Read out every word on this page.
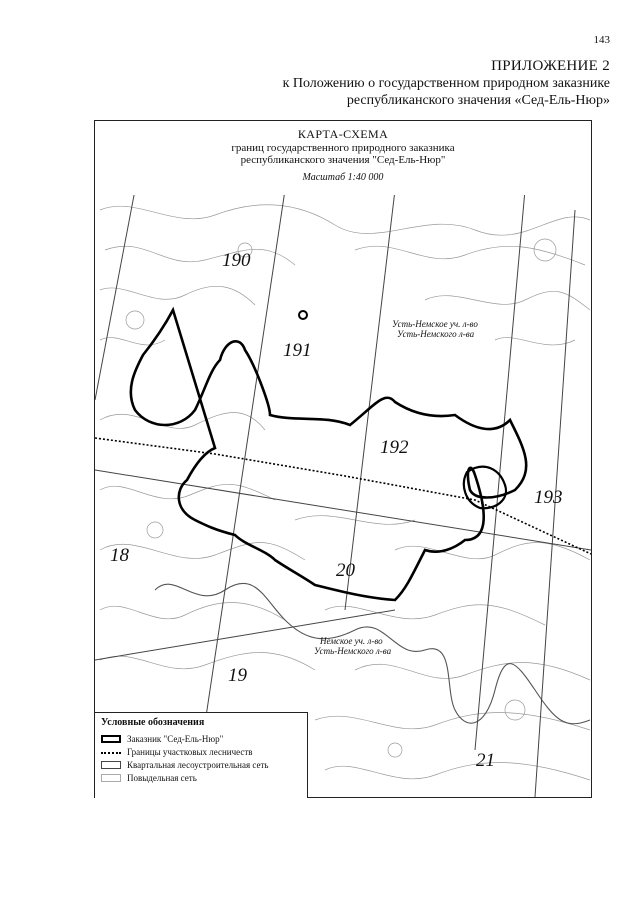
143
ПРИЛОЖЕНИЕ 2
к Положению о государственном природном заказнике
республиканского значения «Сед-Ель-Нюр»
КАРТА-СХЕМА
границ государственного природного заказника
республиканского значения "Сед-Ель-Нюр"
Масштаб 1:40 000
190
191
192
193
18
19
20
21
Усть-Немское уч. л-во
Усть-Немского л-ва
Немское уч. л-во
Усть-Немского л-ва
Условные обозначения
Заказник "Сед-Ель-Нюр"
Границы участковых лесничеств
Квартальная лесоустроительная сеть
Повыдельная сеть
